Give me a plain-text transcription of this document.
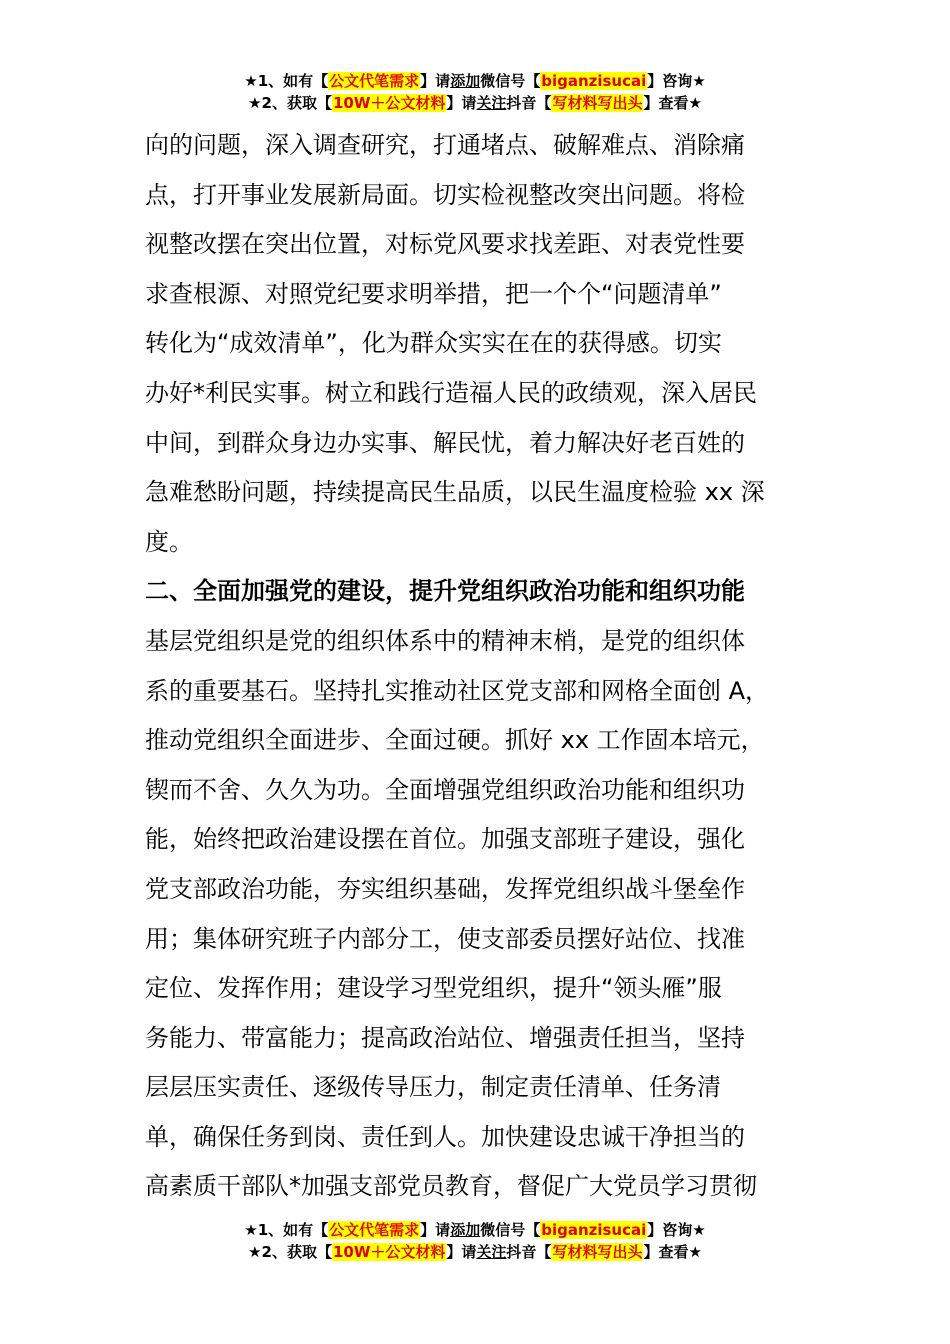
★1、如有【公文代笔需求】请添加微信号【biganzisucai】咨询★
★2、获取【10W＋公文材料】请关注抖音【写材料写出头】查看★
向的问题，深入调查研究，打通堵点、破解难点、消除痛
点，打开事业发展新局面。切实检视整改突出问题。将检
视整改摆在突出位置，对标党风要求找差距、对表党性要
求查根源、对照党纪要求明举措，把一个个“问题清单”
转化为“成效清单”，化为群众实实在在的获得感。切实
办好*利民实事。树立和践行造福人民的政绩观，深入居民
中间，到群众身边办实事、解民忧，着力解决好老百姓的
急难愁盼问题，持续提高民生品质，以民生温度检验 xx 深
度。
二、全面加强党的建设，提升党组织政治功能和组织功能
基层党组织是党的组织体系中的精神末梢，是党的组织体
系的重要基石。坚持扎实推动社区党支部和网格全面创 A，
推动党组织全面进步、全面过硬。抓好 xx 工作固本培元，
锲而不舍、久久为功。全面增强党组织政治功能和组织功
能，始终把政治建设摆在首位。加强支部班子建设，强化
党支部政治功能，夯实组织基础，发挥党组织战斗堡垒作
用；集体研究班子内部分工，使支部委员摆好站位、找准
定位、发挥作用；建设学习型党组织，提升“领头雁”服
务能力、带富能力；提高政治站位、增强责任担当，坚持
层层压实责任、逐级传导压力，制定责任清单、任务清
单，确保任务到岗、责任到人。加快建设忠诚干净担当的
高素质干部队*加强支部党员教育，督促广大党员学习贯彻
★1、如有【公文代笔需求】请添加微信号【biganzisucai】咨询★
★2、获取【10W＋公文材料】请关注抖音【写材料写出头】查看★
